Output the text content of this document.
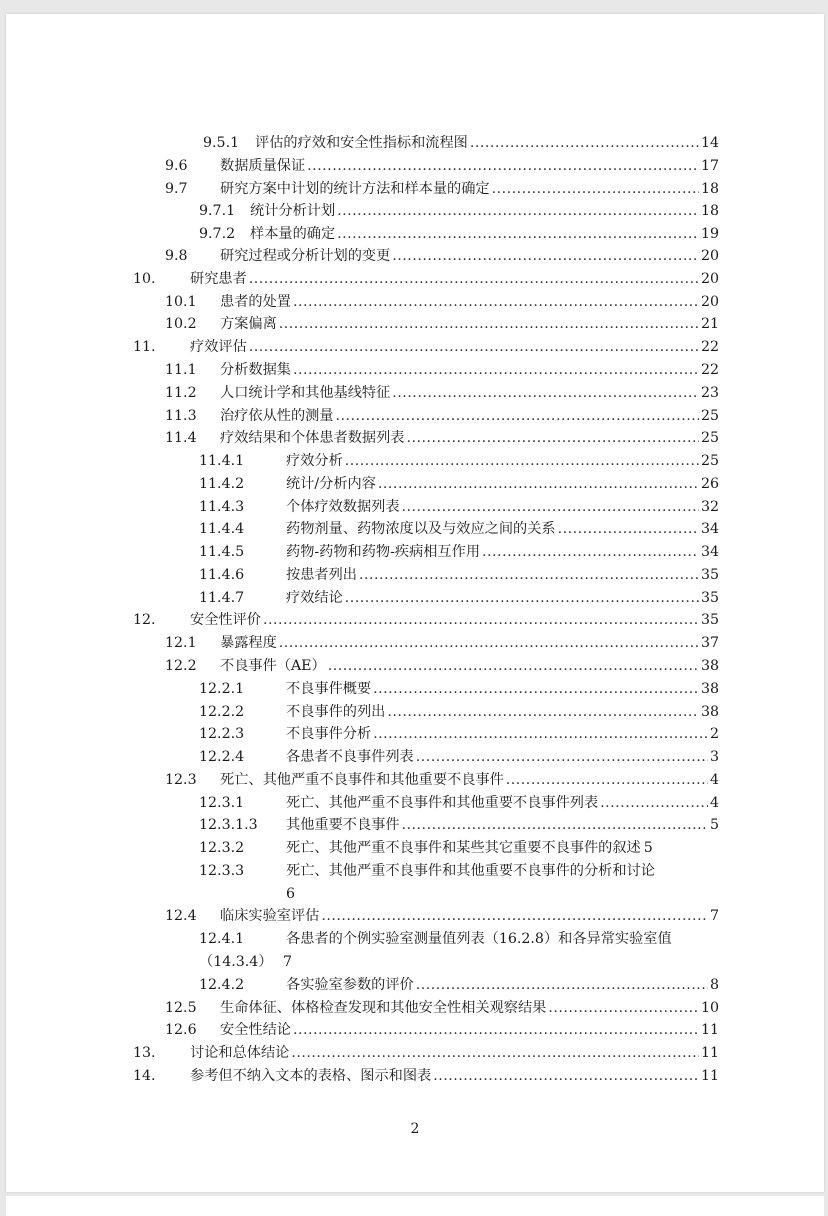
9.5.1 评估的疗效和安全性指标和流程图 .....	14
9.6 数据质量保证 .....	17
9.7 研究方案中计划的统计方法和样本量的确定 .....	18
9.7.1 统计分析计划 .....	18
9.7.2 样本量的确定 .....	19
9.8 研究过程或分析计划的变更 .....	20
10. 研究患者 .....	20
10.1 患者的处置 .....	20
10.2 方案偏离 .....	21
11. 疗效评估 .....	22
11.1 分析数据集 .....	22
11.2 人口统计学和其他基线特征 .....	23
11.3 治疗依从性的测量 .....	25
11.4 疗效结果和个体患者数据列表 .....	25
11.4.1	疗效分析 .....	25
11.4.2	统计/分析内容 .....	26
11.4.3	个体疗效数据列表 .....	32
11.4.4	药物剂量、药物浓度以及与效应之间的关系 .....	34
11.4.5	药物-药物和药物-疾病相互作用 .....	34
11.4.6	按患者列出 .....	35
11.4.7	疗效结论 .....	35
12. 安全性评价 .....	35
12.1 暴露程度 .....	37
12.2 不良事件（AE） .....	38
12.2.1	不良事件概要 .....	38
12.2.2	不良事件的列出 .....	38
12.2.3	不良事件分析 .....	2
12.2.4	各患者不良事件列表 .....	3
12.3 死亡、其他严重不良事件和其他重要不良事件 .....	4
12.3.1	死亡、其他严重不良事件和其他重要不良事件列表 .....	4
12.3.1.3 其他重要不良事件 .....	5
12.3.2	死亡、其他严重不良事件和某些其它重要不良事件的叙述 5
12.3.3	死亡、其他严重不良事件和其他重要不良事件的分析和讨论
6
12.4 临床实验室评估 .....	7
12.4.1	各患者的个例实验室测量值列表（16.2.8）和各异常实验室值
（14.3.4） 7
12.4.2	各实验室参数的评价 .....	8
12.5 生命体征、体格检查发现和其他安全性相关观察结果 .....	10
12.6 安全性结论 .....	11
13. 讨论和总体结论 .....	11
14. 参考但不纳入文本的表格、图示和图表 .....	11
2
